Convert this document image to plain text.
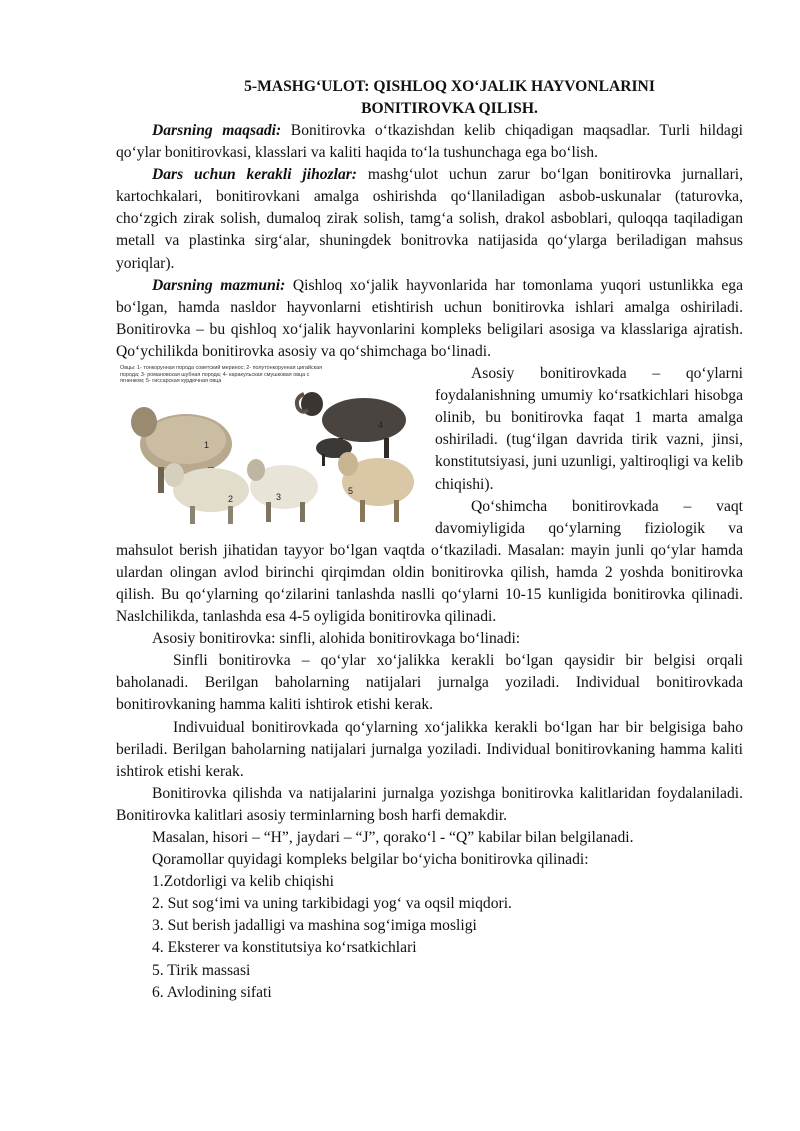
5-MASHG‘ULOT: QISHLOQ XO‘JALIK HAYVONLARINI
BONITIROVKA QILISH.

Darsning maqsadi: Bonitirovka o‘tkazishdan kelib chiqadigan maqsadlar. Turli hildagi qo‘ylar bonitirovkasi, klasslari va kaliti haqida to‘la tushunchaga ega bo‘lish.

Dars uchun kerakli jihozlar: mashg‘ulot uchun zarur bo‘lgan bonitirovka jurnallari, kartochkalari, bonitirovkani amalga oshirishda qo‘llaniladigan asbob-uskunalar (taturovka, cho‘zgich zirak solish, dumaloq zirak solish, tamg‘a solish, drakol asboblari, quloqqa taqiladigan metall va plastinka sirg‘alar, shuningdek bonitrovka natijasida qo‘ylarga beriladigan mahsus yoriqlar).

Darsning mazmuni: Qishloq xo‘jalik hayvonlarida har tomonlama yuqori ustunlikka ega bo‘lgan, hamda nasldor hayvonlarni etishtirish uchun bonitirovka ishlari amalga oshiriladi. Bonitirovka – bu qishloq xo‘jalik hayvonlarini kompleks beligilari asosiga va klasslariga ajratish. Qo‘ychilikda bonitirovka asosiy va qo‘shimchaga bo‘linadi.

Овцы: 1- тонкорунная порода советский меринос; 2- полутонкорунная цигайская порода; 3- романовская шубная порода; 4- каракульская смушковая овца с ягненком; 5- гиссарская курдючная овца
1
2	3
4
5

Asosiy bonitirovkada – qo‘ylarni foydalanishning umumiy ko‘rsatkichlari hisobga olinib, bu bonitirovka faqat 1 marta amalga oshiriladi. (tug‘ilgan davrida tirik vazni, jinsi, konstitutsiyasi, juni uzunligi, yaltiroqligi va kelib chiqishi).

Qo‘shimcha bonitirovkada – vaqt davomiyligida qo‘ylarning fiziologik va mahsulot berish jihatidan tayyor bo‘lgan vaqtda o‘tkaziladi. Masalan: mayin junli qo‘ylar hamda ulardan olingan avlod birinchi qirqimdan oldin bonitirovka qilish, hamda 2 yoshda bonitirovka qilish. Bu qo‘ylarning qo‘zilarini tanlashda naslli qo‘ylarni 10-15 kunligida bonitirovka qilinadi. Naslchilikda, tanlashda esa 4-5 oyligida bonitirovka qilinadi.

Asosiy bonitirovka: sinfli, alohida bonitirovkaga bo‘linadi:

Sinfli bonitirovka – qo‘ylar xo‘jalikka kerakli bo‘lgan qaysidir bir belgisi orqali baholanadi. Berilgan baholarning natijalari jurnalga yoziladi. Individual bonitirovkada bonitirovkaning hamma kaliti ishtirok etishi kerak.

Indivuidual bonitirovkada qo‘ylarning xo‘jalikka kerakli bo‘lgan har bir belgisiga baho beriladi. Berilgan baholarning natijalari jurnalga yoziladi. Individual bonitirovkaning hamma kaliti ishtirok etishi kerak.

Bonitirovka qilishda va natijalarini jurnalga yozishga bonitirovka kalitlaridan foydalaniladi. Bonitirovka kalitlari asosiy terminlarning bosh harfi demakdir.

Masalan, hisori – “H”, jaydari – “J”, qorako‘l - “Q” kabilar bilan belgilanadi.

Qoramollar quyidagi kompleks belgilar bo‘yicha bonitirovka qilinadi:

1.Zotdorligi va kelib chiqishi
2. Sut sog‘imi va uning tarkibidagi yog‘ va oqsil miqdori.
3. Sut berish jadalligi va mashina sog‘imiga mosligi
4. Eksterer va konstitutsiya ko‘rsatkichlari
5. Tirik massasi
6. Avlodining sifati
